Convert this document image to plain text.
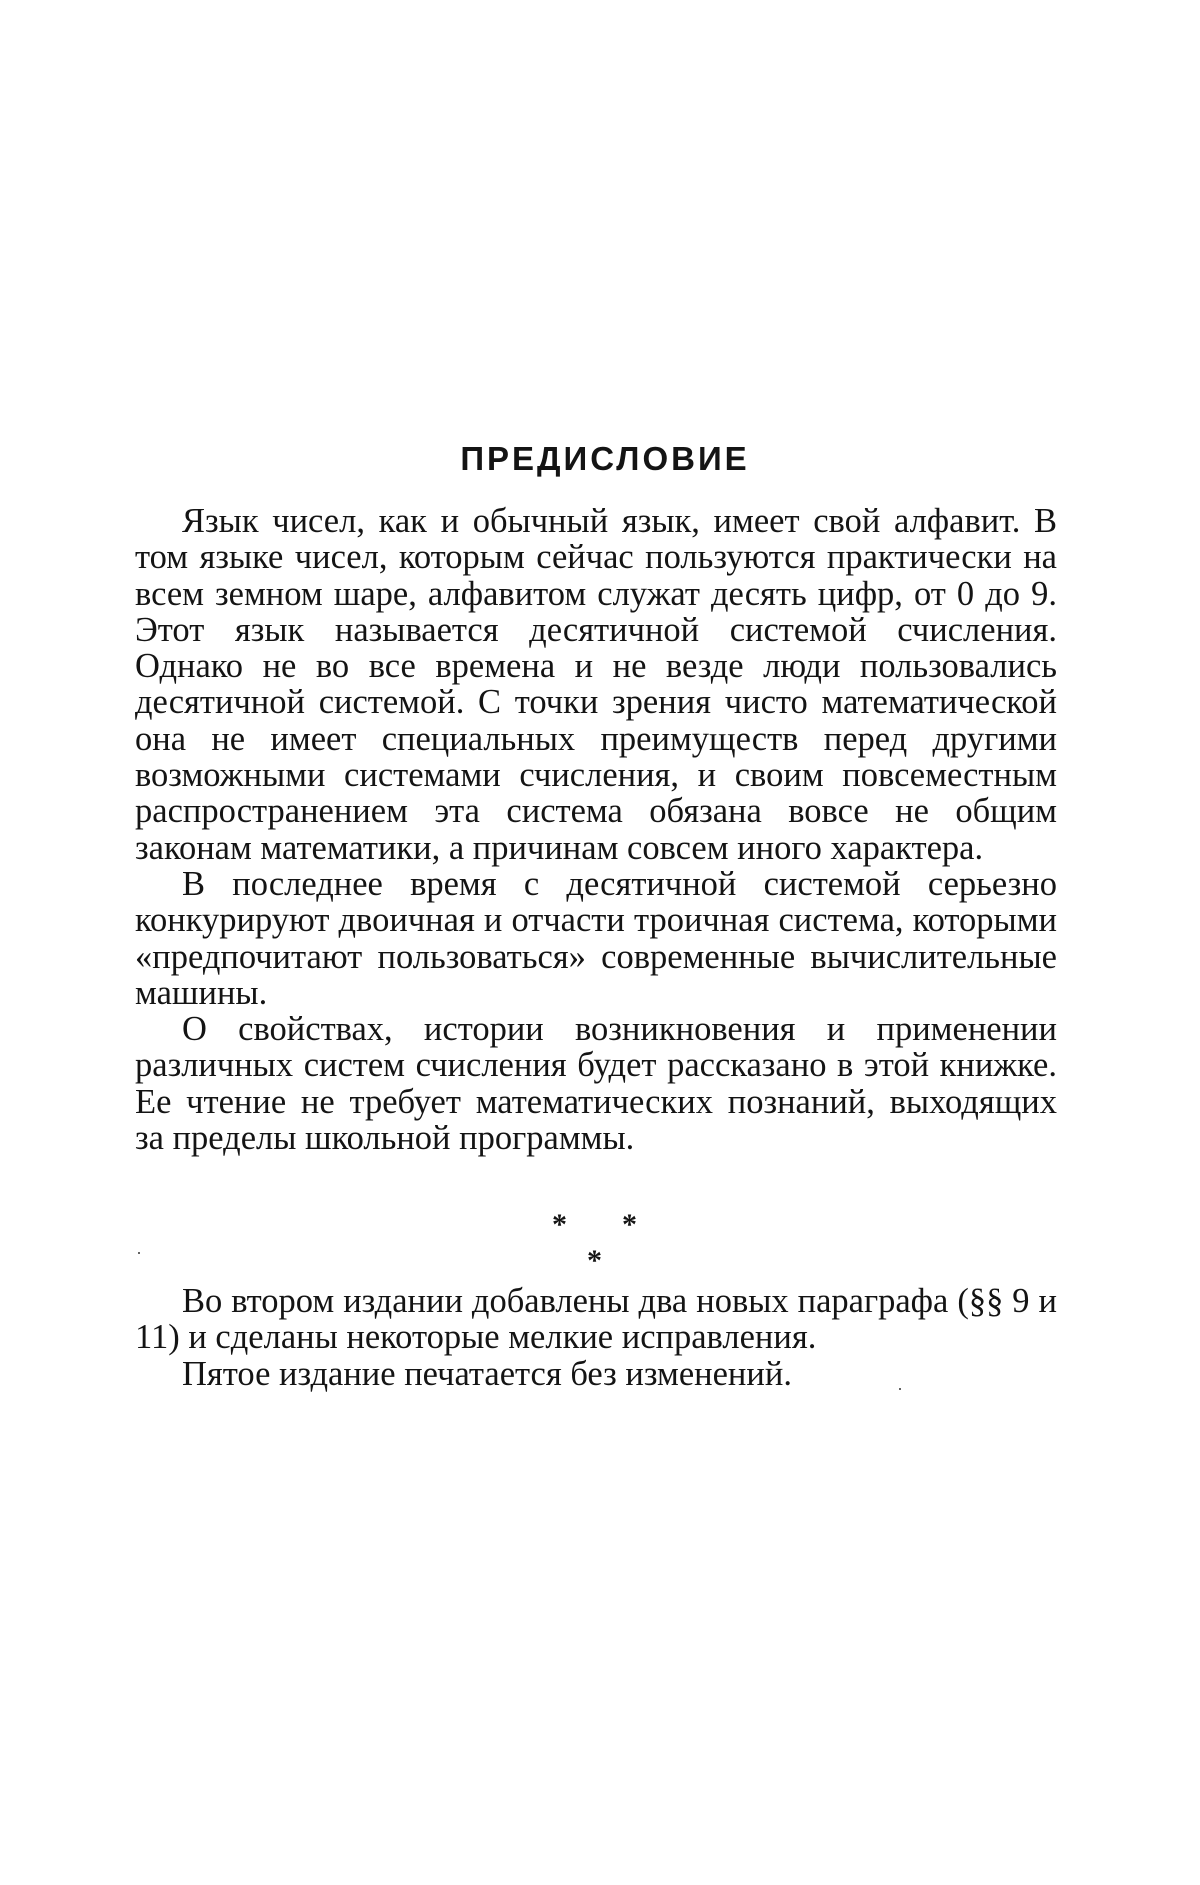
ПРЕДИСЛОВИЕ

Язык чисел, как и обычный язык, имеет свой алфавит. В том языке чисел, которым сейчас пользуются практически на всем земном шаре, алфавитом служат десять цифр, от 0 до 9. Этот язык называется десятичной системой счисления. Однако не во все времена и не везде люди пользовались десятичной системой. С точки зрения чисто математической она не имеет специальных преимуществ перед другими возможными системами счисления, и своим повсеместным распространением эта система обязана вовсе не общим законам математики, а причинам совсем иного характера.

В последнее время с десятичной системой серьезно конкурируют двоичная и отчасти троичная система, которыми «предпочитают пользоваться» современные вычислительные машины.

О свойствах, истории возникновения и применении различных систем счисления будет рассказано в этой книжке. Ее чтение не требует математических познаний, выходящих за пределы школьной программы.

* *
*

Во втором издании добавлены два новых параграфа (§§ 9 и 11) и сделаны некоторые мелкие исправления.

Пятое издание печатается без изменений.
